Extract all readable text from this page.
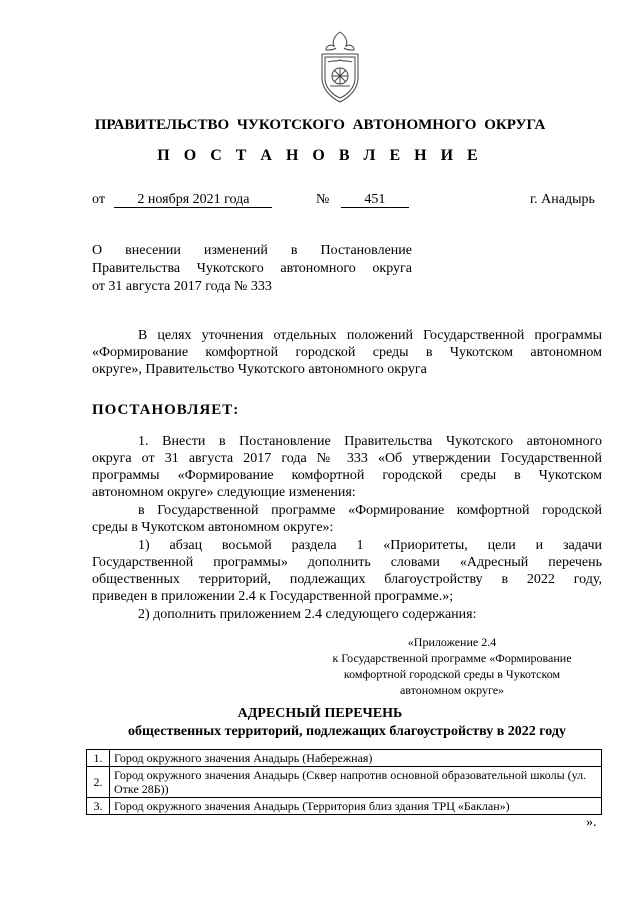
ПРАВИТЕЛЬСТВО ЧУКОТСКОГО АВТОНОМНОГО ОКРУГА
П О С Т А Н О В Л Е Н И Е
от 2 ноября 2021 года	№	451	г. Анадырь
О внесении изменений в Постановление
Правительства Чукотского автономного округа
от 31 августа 2017 года № 333
В целях уточнения отдельных положений Государственной программы
«Формирование комфортной городской среды в Чукотском автономном
округе», Правительство Чукотского автономного округа
ПОСТАНОВЛЯЕТ:
1. Внести в Постановление Правительства Чукотского автономного
округа от 31 августа 2017 года № 333 «Об утверждении Государственной
программы «Формирование комфортной городской среды в Чукотском
автономном округе» следующие изменения:
в Государственной программе «Формирование комфортной городской
среды в Чукотском автономном округе»:
1) абзац восьмой раздела 1 «Приоритеты, цели и задачи
Государственной программы» дополнить словами «Адресный перечень
общественных территорий, подлежащих благоустройству в 2022 году,
приведен в приложении 2.4 к Государственной программе.»;
2) дополнить приложением 2.4 следующего содержания:
«Приложение 2.4
к Государственной программе «Формирование
комфортной городской среды в Чукотском
автономном округе»
АДРЕСНЫЙ ПЕРЕЧЕНЬ
общественных территорий, подлежащих благоустройству в 2022 году
1.	Город окружного значения Анадырь (Набережная)
2.	Город окружного значения Анадырь (Сквер напротив основной образовательной школы (ул. Отке 28Б))
3.	Город окружного значения Анадырь (Территория близ здания ТРЦ «Баклан»)
».
